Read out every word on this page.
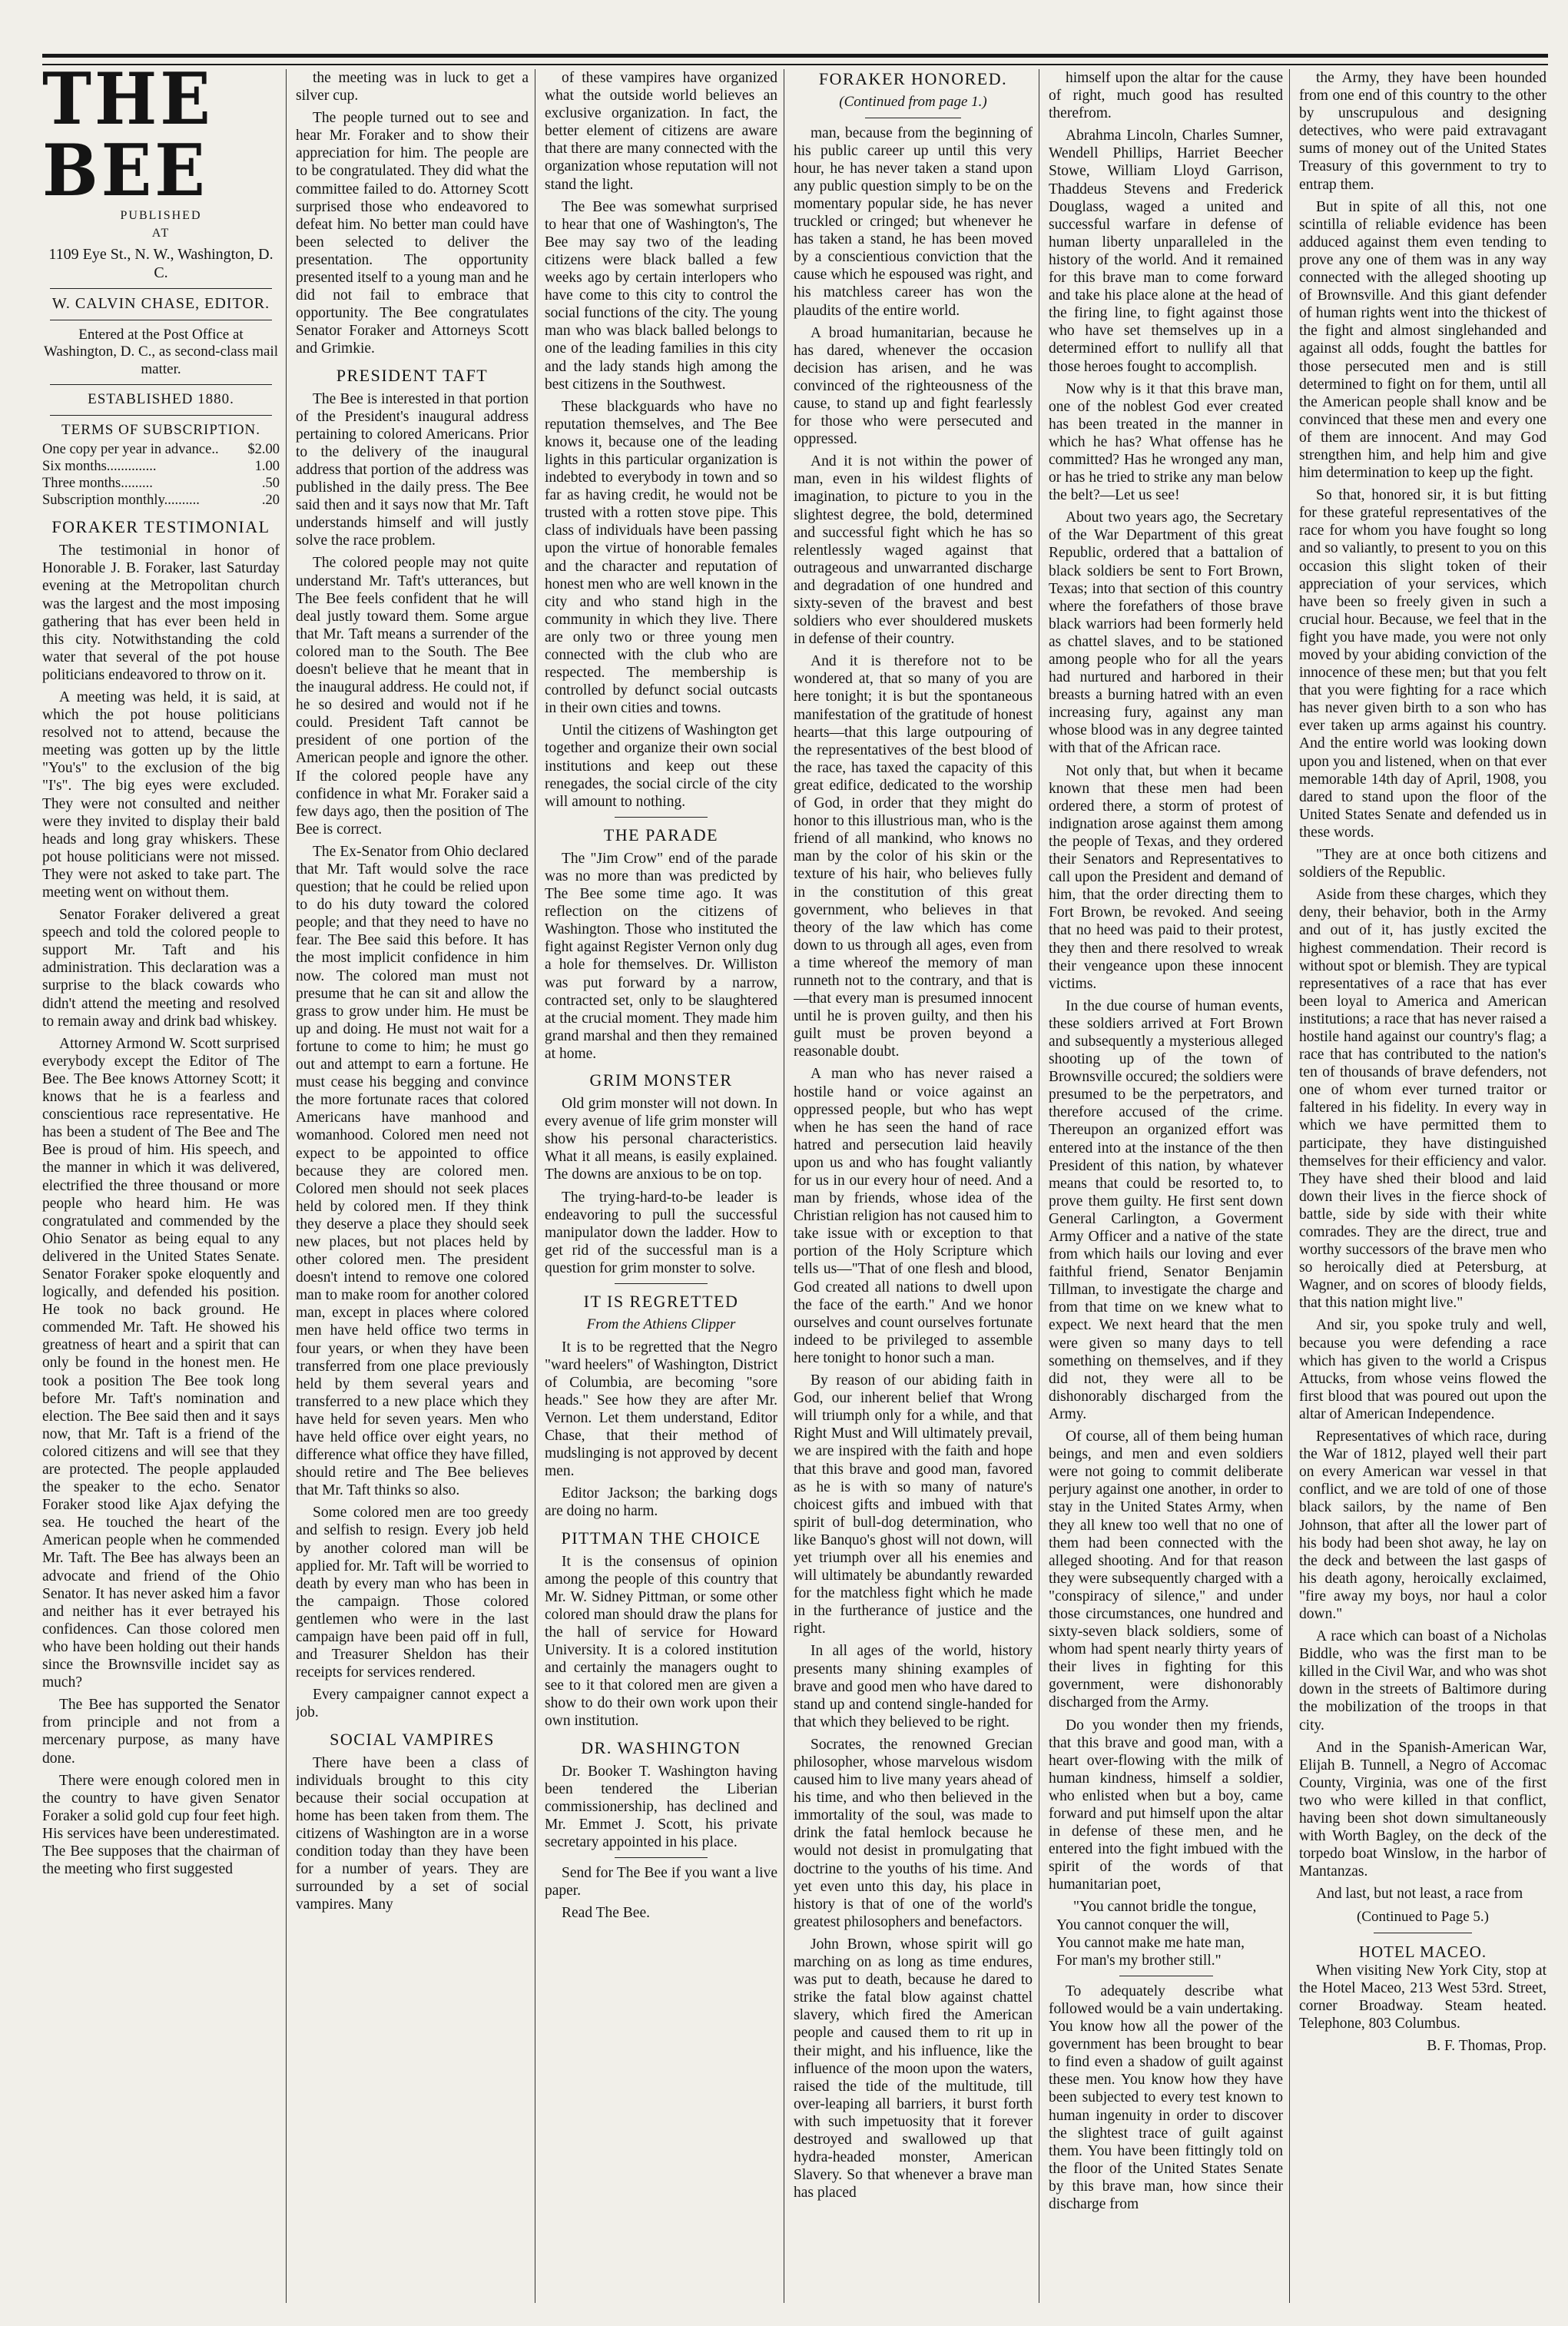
THE BEE
PUBLISHED
AT
1109 Eye St., N. W., Washington, D. C.
W. CALVIN CHASE, EDITOR.
Entered at the Post Office at Washington, D. C., as second-class mail matter.
ESTABLISHED 1880.
TERMS OF SUBSCRIPTION.
One copy per year in advance.. $2.00
Six months..............	1.00
Three months.........	.50
Subscription monthly..........	.20
FORAKER TESTIMONIAL

The testimonial in honor of Honorable J. B. Foraker, last Saturday evening at the Metropolitan church was the largest and the most imposing gathering that has ever been held in this city. Notwithstanding the cold water that several of the pot house politicians endeavored to throw on it.

A meeting was held, it is said, at which the pot house politicians resolved not to attend, because the meeting was gotten up by the little "You's" to the exclusion of the big "I's". The big eyes were excluded. They were not consulted and neither were they invited to display their bald heads and long gray whiskers. These pot house politicians were not missed. They were not asked to take part. The meeting went on without them.

Senator Foraker delivered a great speech and told the colored people to support Mr. Taft and his administration. This declaration was a surprise to the black cowards who didn't attend the meeting and resolved to remain away and drink bad whiskey.

Attorney Armond W. Scott surprised everybody except the Editor of The Bee. The Bee knows Attorney Scott; it knows that he is a fearless and conscientious race representative. He has been a student of The Bee and The Bee is proud of him. His speech, and the manner in which it was delivered, electrified the three thousand or more people who heard him. He was congratulated and commended by the Ohio Senator as being equal to any delivered in the United States Senate. Senator Foraker spoke eloquently and logically, and defended his position. He took no back ground. He commended Mr. Taft. He showed his greatness of heart and a spirit that can only be found in the honest men. He took a position The Bee took long before Mr. Taft's nomination and election. The Bee said then and it says now, that Mr. Taft is a friend of the colored citizens and will see that they are protected. The people applauded the speaker to the echo. Senator Foraker stood like Ajax defying the sea. He touched the heart of the American people when he commended Mr. Taft. The Bee has always been an advocate and friend of the Ohio Senator. It has never asked him a favor and neither has it ever betrayed his confidences. Can those colored men who have been holding out their hands since the Brownsville incidet say as much?

The Bee has supported the Senator from principle and not from a mercenary purpose, as many have done.

There were enough colored men in the country to have given Senator Foraker a solid gold cup four feet high. His services have been underestimated. The Bee supposes that the chairman of the meeting who first suggested

the meeting was in luck to get a silver cup.

The people turned out to see and hear Mr. Foraker and to show their appreciation for him. The people are to be congratulated. They did what the committee failed to do. Attorney Scott surprised those who endeavored to defeat him. No better man could have been selected to deliver the presentation. The opportunity presented itself to a young man and he did not fail to embrace that opportunity. The Bee congratulates Senator Foraker and Attorneys Scott and Grimkie.

PRESIDENT TAFT

The Bee is interested in that portion of the President's inaugural address pertaining to colored Americans. Prior to the delivery of the inaugural address that portion of the address was published in the daily press. The Bee said then and it says now that Mr. Taft understands himself and will justly solve the race problem.

The colored people may not quite understand Mr. Taft's utterances, but The Bee feels confident that he will deal justly toward them. Some argue that Mr. Taft means a surrender of the colored man to the South. The Bee doesn't believe that he meant that in the inaugural address. He could not, if he so desired and would not if he could. President Taft cannot be president of one portion of the American people and ignore the other. If the colored people have any confidence in what Mr. Foraker said a few days ago, then the position of The Bee is correct.

The Ex-Senator from Ohio declared that Mr. Taft would solve the race question; that he could be relied upon to do his duty toward the colored people; and that they need to have no fear. The Bee said this before. It has the most implicit confidence in him now. The colored man must not presume that he can sit and allow the grass to grow under him. He must be up and doing. He must not wait for a fortune to come to him; he must go out and attempt to earn a fortune. He must cease his begging and convince the more fortunate races that colored Americans have manhood and womanhood. Colored men need not expect to be appointed to office because they are colored men. Colored men should not seek places held by colored men. If they think they deserve a place they should seek new places, but not places held by other colored men. The president doesn't intend to remove one colored man to make room for another colored man, except in places where colored men have held office two terms in four years, or when they have been transferred from one place previously held by them several years and transferred to a new place which they have held for seven years. Men who have held office over eight years, no difference what office they have filled, should retire and The Bee believes that Mr. Taft thinks so also.

Some colored men are too greedy and selfish to resign. Every job held by another colored man will be applied for. Mr. Taft will be worried to death by every man who has been in the campaign. Those colored gentlemen who were in the last campaign have been paid off in full, and Treasurer Sheldon has their receipts for services rendered.

Every campaigner cannot expect a job.

SOCIAL VAMPIRES

There have been a class of individuals brought to this city because their social occupation at home has been taken from them. The citizens of Washington are in a worse condition today than they have been for a number of years. They are surrounded by a set of social vampires. Many

of these vampires have organized what the outside world believes an exclusive organization. In fact, the better element of citizens are aware that there are many connected with the organization whose reputation will not stand the light.

The Bee was somewhat surprised to hear that one of Washington's, The Bee may say two of the leading citizens were black balled a few weeks ago by certain interlopers who have come to this city to control the social functions of the city. The young man who was black balled belongs to one of the leading families in this city and the lady stands high among the best citizens in the Southwest.

These blackguards who have no reputation themselves, and The Bee knows it, because one of the leading lights in this particular organization is indebted to everybody in town and so far as having credit, he would not be trusted with a rotten stove pipe. This class of individuals have been passing upon the virtue of honorable females and the character and reputation of honest men who are well known in the city and who stand high in the community in which they live. There are only two or three young men connected with the club who are respected. The membership is controlled by defunct social outcasts in their own cities and towns.

Until the citizens of Washington get together and organize their own social institutions and keep out these renegades, the social circle of the city will amount to nothing.

THE PARADE

The "Jim Crow" end of the parade was no more than was predicted by The Bee some time ago. It was reflection on the citizens of Washington. Those who instituted the fight against Register Vernon only dug a hole for themselves. Dr. Williston was put forward by a narrow, contracted set, only to be slaughtered at the crucial moment. They made him grand marshal and then they remained at home.

GRIM MONSTER

Old grim monster will not down. In every avenue of life grim monster will show his personal characteristics. What it all means, is easily explained. The downs are anxious to be on top.

The trying-hard-to-be leader is endeavoring to pull the successful manipulator down the ladder. How to get rid of the successful man is a question for grim monster to solve.

IT IS REGRETTED
From the Athiens Clipper

It is to be regretted that the Negro "ward heelers" of Washington, District of Columbia, are becoming "sore heads." See how they are after Mr. Vernon. Let them understand, Editor Chase, that their method of mudslinging is not approved by decent men.

Editor Jackson; the barking dogs are doing no harm.

PITTMAN THE CHOICE

It is the consensus of opinion among the people of this country that Mr. W. Sidney Pittman, or some other colored man should draw the plans for the hall of service for Howard University. It is a colored institution and certainly the managers ought to see to it that colored men are given a show to do their own work upon their own institution.

DR. WASHINGTON

Dr. Booker T. Washington having been tendered the Liberian commissionership, has declined and Mr. Emmet J. Scott, his private secretary appointed in his place.

Send for The Bee if you want a live paper.

Read The Bee.

FORAKER HONORED.
(Continued from page 1.)

man, because from the beginning of his public career up until this very hour, he has never taken a stand upon any public question simply to be on the momentary popular side, he has never truckled or cringed; but whenever he has taken a stand, he has been moved by a conscientious conviction that the cause which he espoused was right, and his matchless career has won the plaudits of the entire world.

A broad humanitarian, because he has dared, whenever the occasion decision has arisen, and he was convinced of the righteousness of the cause, to stand up and fight fearlessly for those who were persecuted and oppressed.

And it is not within the power of man, even in his wildest flights of imagination, to picture to you in the slightest degree, the bold, determined and successful fight which he has so relentlessly waged against that outrageous and unwarranted discharge and degradation of one hundred and sixty-seven of the bravest and best soldiers who ever shouldered muskets in defense of their country.

And it is therefore not to be wondered at, that so many of you are here tonight; it is but the spontaneous manifestation of the gratitude of honest hearts—that this large outpouring of the representatives of the best blood of the race, has taxed the capacity of this great edifice, dedicated to the worship of God, in order that they might do honor to this illustrious man, who is the friend of all mankind, who knows no man by the color of his skin or the texture of his hair, who believes fully in the constitution of this great government, who believes in that theory of the law which has come down to us through all ages, even from a time whereof the memory of man runneth not to the contrary, and that is—that every man is presumed innocent until he is proven guilty, and then his guilt must be proven beyond a reasonable doubt.

A man who has never raised a hostile hand or voice against an oppressed people, but who has wept when he has seen the hand of race hatred and persecution laid heavily upon us and who has fought valiantly for us in our every hour of need. And a man by friends, whose idea of the Christian religion has not caused him to take issue with or exception to that portion of the Holy Scripture which tells us—"That of one flesh and blood, God created all nations to dwell upon the face of the earth." And we honor ourselves and count ourselves fortunate indeed to be privileged to assemble here tonight to honor such a man.

By reason of our abiding faith in God, our inherent belief that Wrong will triumph only for a while, and that Right Must and Will ultimately prevail, we are inspired with the faith and hope that this brave and good man, favored as he is with so many of nature's choicest gifts and imbued with that spirit of bull-dog determination, who like Banquo's ghost will not down, will yet triumph over all his enemies and will ultimately be abundantly rewarded for the matchless fight which he made in the furtherance of justice and the right.

In all ages of the world, history presents many shining examples of brave and good men who have dared to stand up and contend single-handed for that which they believed to be right.

Socrates, the renowned Grecian philosopher, whose marvelous wisdom caused him to live many years ahead of his time, and who then believed in the immortality of the soul, was made to drink the fatal hemlock because he would not desist in promulgating that doctrine to the youths of his time. And yet even unto this day, his place in history is that of one of the world's greatest philosophers and benefactors.

John Brown, whose spirit will go marching on as long as time endures, was put to death, because he dared to strike the fatal blow against chattel slavery, which fired the American people and caused them to rit up in their might, and his influence, like the influence of the moon upon the waters, raised the tide of the multitude, till over-leaping all barriers, it burst forth with such impetuosity that it forever destroyed and swallowed up that hydra-headed monster, American Slavery. So that whenever a brave man has placed

himself upon the altar for the cause of right, much good has resulted therefrom.

Abrahma Lincoln, Charles Sumner, Wendell Phillips, Harriet Beecher Stowe, William Lloyd Garrison, Thaddeus Stevens and Frederick Douglass, waged a united and successful warfare in defense of human liberty unparalleled in the history of the world. And it remained for this brave man to come forward and take his place alone at the head of the firing line, to fight against those who have set themselves up in a determined effort to nullify all that those heroes fought to accomplish.

Now why is it that this brave man, one of the noblest God ever created has been treated in the manner in which he has? What offense has he committed? Has he wronged any man, or has he tried to strike any man below the belt?—Let us see!

About two years ago, the Secretary of the War Department of this great Republic, ordered that a battalion of black soldiers be sent to Fort Brown, Texas; into that section of this country where the forefathers of those brave black warriors had been formerly held as chattel slaves, and to be stationed among people who for all the years had nurtured and harbored in their breasts a burning hatred with an even increasing fury, against any man whose blood was in any degree tainted with that of the African race.

Not only that, but when it became known that these men had been ordered there, a storm of protest of indignation arose against them among the people of Texas, and they ordered their Senators and Representatives to call upon the President and demand of him, that the order directing them to Fort Brown, be revoked. And seeing that no heed was paid to their protest, they then and there resolved to wreak their vengeance upon these innocent victims.

In the due course of human events, these soldiers arrived at Fort Brown and subsequently a mysterious alleged shooting up of the town of Brownsville occured; the soldiers were presumed to be the perpetrators, and therefore accused of the crime. Thereupon an organized effort was entered into at the instance of the then President of this nation, by whatever means that could be resorted to, to prove them guilty. He first sent down General Carlington, a Goverment Army Officer and a native of the state from which hails our loving and ever faithful friend, Senator Benjamin Tillman, to investigate the charge and from that time on we knew what to expect. We next heard that the men were given so many days to tell something on themselves, and if they did not, they were all to be dishonorably discharged from the Army.

Of course, all of them being human beings, and men and even soldiers were not going to commit deliberate perjury against one another, in order to stay in the United States Army, when they all knew too well that no one of them had been connected with the alleged shooting. And for that reason they were subsequently charged with a "conspiracy of silence," and under those circumstances, one hundred and sixty-seven black soldiers, some of whom had spent nearly thirty years of their lives in fighting for this government, were dishonorably discharged from the Army.

Do you wonder then my friends, that this brave and good man, with a heart over-flowing with the milk of human kindness, himself a soldier, who enlisted when but a boy, came forward and put himself upon the altar in defense of these men, and he entered into the fight imbued with the spirit of the words of that humanitarian poet,

"You cannot bridle the tongue,
You cannot conquer the will,
You cannot make me hate man,
For man's my brother still."

To adequately describe what followed would be a vain undertaking. You know how all the power of the government has been brought to bear to find even a shadow of guilt against these men. You know how they have been subjected to every test known to human ingenuity in order to discover the slightest trace of guilt against them. You have been fittingly told on the floor of the United States Senate by this brave man, how since their discharge from

the Army, they have been hounded from one end of this country to the other by unscrupulous and designing detectives, who were paid extravagant sums of money out of the United States Treasury of this government to try to entrap them.

But in spite of all this, not one scintilla of reliable evidence has been adduced against them even tending to prove any one of them was in any way connected with the alleged shooting up of Brownsville. And this giant defender of human rights went into the thickest of the fight and almost singlehanded and against all odds, fought the battles for those persecuted men and is still determined to fight on for them, until all the American people shall know and be convinced that these men and every one of them are innocent. And may God strengthen him, and help him and give him determination to keep up the fight.

So that, honored sir, it is but fitting for these grateful representatives of the race for whom you have fought so long and so valiantly, to present to you on this occasion this slight token of their appreciation of your services, which have been so freely given in such a crucial hour. Because, we feel that in the fight you have made, you were not only moved by your abiding conviction of the innocence of these men; but that you felt that you were fighting for a race which has never given birth to a son who has ever taken up arms against his country. And the entire world was looking down upon you and listened, when on that ever memorable 14th day of April, 1908, you dared to stand upon the floor of the United States Senate and defended us in these words.

"They are at once both citizens and soldiers of the Republic.

Aside from these charges, which they deny, their behavior, both in the Army and out of it, has justly excited the highest commendation. Their record is without spot or blemish. They are typical representatives of a race that has ever been loyal to America and American institutions; a race that has never raised a hostile hand against our country's flag; a race that has contributed to the nation's ten of thousands of brave defenders, not one of whom ever turned traitor or faltered in his fidelity. In every way in which we have permitted them to participate, they have distinguished themselves for their efficiency and valor. They have shed their blood and laid down their lives in the fierce shock of battle, side by side with their white comrades. They are the direct, true and worthy successors of the brave men who so heroically died at Petersburg, at Wagner, and on scores of bloody fields, that this nation might live."

And sir, you spoke truly and well, because you were defending a race which has given to the world a Crispus Attucks, from whose veins flowed the first blood that was poured out upon the altar of American Independence.

Representatives of which race, during the War of 1812, played well their part on every American war vessel in that conflict, and we are told of one of those black sailors, by the name of Ben Johnson, that after all the lower part of his body had been shot away, he lay on the deck and between the last gasps of his death agony, heroically exclaimed, "fire away my boys, nor haul a color down."

A race which can boast of a Nicholas Biddle, who was the first man to be killed in the Civil War, and who was shot down in the streets of Baltimore during the mobilization of the troops in that city.

And in the Spanish-American War, Elijah B. Tunnell, a Negro of Accomac County, Virginia, was one of the first two who were killed in that conflict, having been shot down simultaneously with Worth Bagley, on the deck of the torpedo boat Winslow, in the harbor of Mantanzas.

And last, but not least, a race from

(Continued to Page 5.)
HOTEL MACEO.

When visiting New York City, stop at the Hotel Maceo, 213 West 53rd. Street, corner Broadway. Steam heated. Telephone, 803 Columbus.

B. F. Thomas, Prop.
